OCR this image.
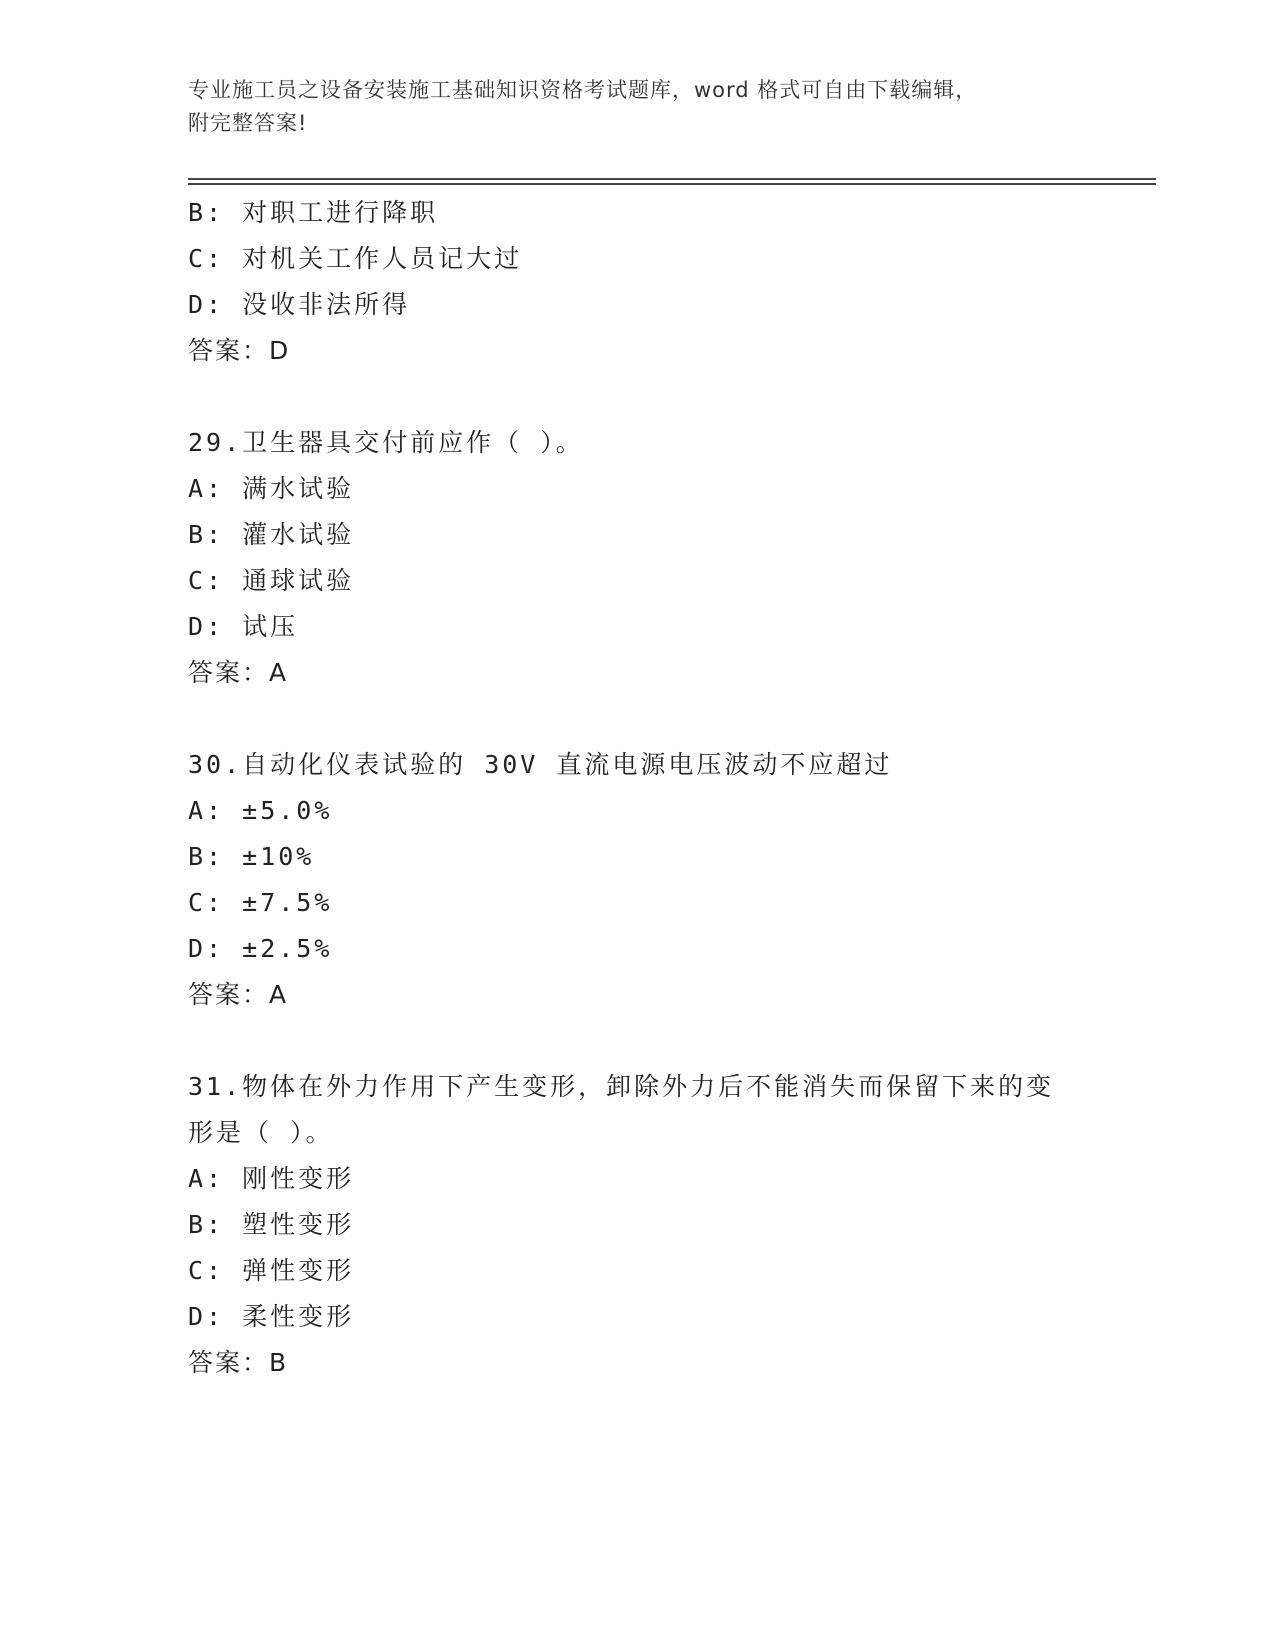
专业施工员之设备安装施工基础知识资格考试题库，word 格式可自由下载编辑，
附完整答案!
B: 对职工进行降职
C: 对机关工作人员记大过
D: 没收非法所得
答案：D
29.卫生器具交付前应作（ ）。
A: 满水试验
B: 灌水试验
C: 通球试验
D: 试压
答案：A
30.自动化仪表试验的 30V 直流电源电压波动不应超过
A: ±5.0%
B: ±10%
C: ±7.5%
D: ±2.5%
答案：A
31.物体在外力作用下产生变形，卸除外力后不能消失而保留下来的变
形是（ ）。
A: 刚性变形
B: 塑性变形
C: 弹性变形
D: 柔性变形
答案：B
